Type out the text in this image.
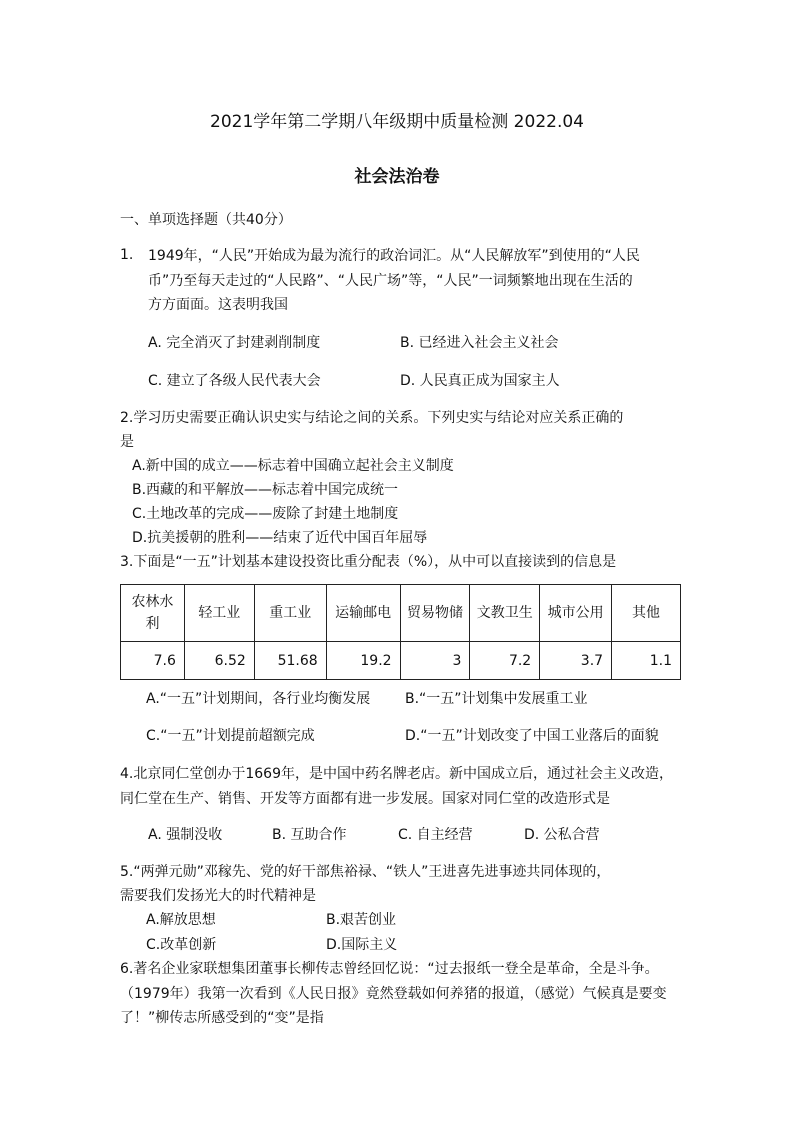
2021学年第二学期八年级期中质量检测 2022.04
社会法治卷
一、单项选择题（共40分）
1. 1949年，“人民”开始成为最为流行的政治词汇。从“人民解放军”到使用的“人民
币”乃至每天走过的“人民路”、“人民广场”等，“人民”一词频繁地出现在生活的
方方面面。这表明我国
A. 完全消灭了封建剥削制度	B. 已经进入社会主义社会
C. 建立了各级人民代表大会	D. 人民真正成为国家主人
2.学习历史需要正确认识史实与结论之间的关系。下列史实与结论对应关系正确的
是
A.新中国的成立——标志着中国确立起社会主义制度
B.西藏的和平解放——标志着中国完成统一
C.土地改革的完成——废除了封建土地制度
D.抗美援朝的胜利——结束了近代中国百年屈辱
3.下面是“一五”计划基本建设投资比重分配表（%），从中可以直接读到的信息是
农林水利	轻工业	重工业	运输邮电	贸易物储	文教卫生	城市公用	其他
7.6	6.52	51.68	19.2	3	7.2	3.7	1.1
A.“一五”计划期间，各行业均衡发展 B.“一五”计划集中发展重工业
C.“一五”计划提前超额完成	D.“一五”计划改变了中国工业落后的面貌
4.北京同仁堂创办于1669年，是中国中药名牌老店。新中国成立后，通过社会主义改造，
同仁堂在生产、销售、开发等方面都有进一步发展。国家对同仁堂的改造形式是
A. 强制没收	B. 互助合作	C. 自主经营	D. 公私合营
5.“两弹元勋”邓稼先、党的好干部焦裕禄、“铁人”王进喜先进事迹共同体现的，
需要我们发扬光大的时代精神是
A.解放思想	B.艰苦创业
C.改革创新	D.国际主义
6.著名企业家联想集团董事长柳传志曾经回忆说：“过去报纸一登全是革命，全是斗争。
（1979年）我第一次看到《人民日报》竟然登载如何养猪的报道，（感觉）气候真是要变
了！”柳传志所感受到的“变”是指
